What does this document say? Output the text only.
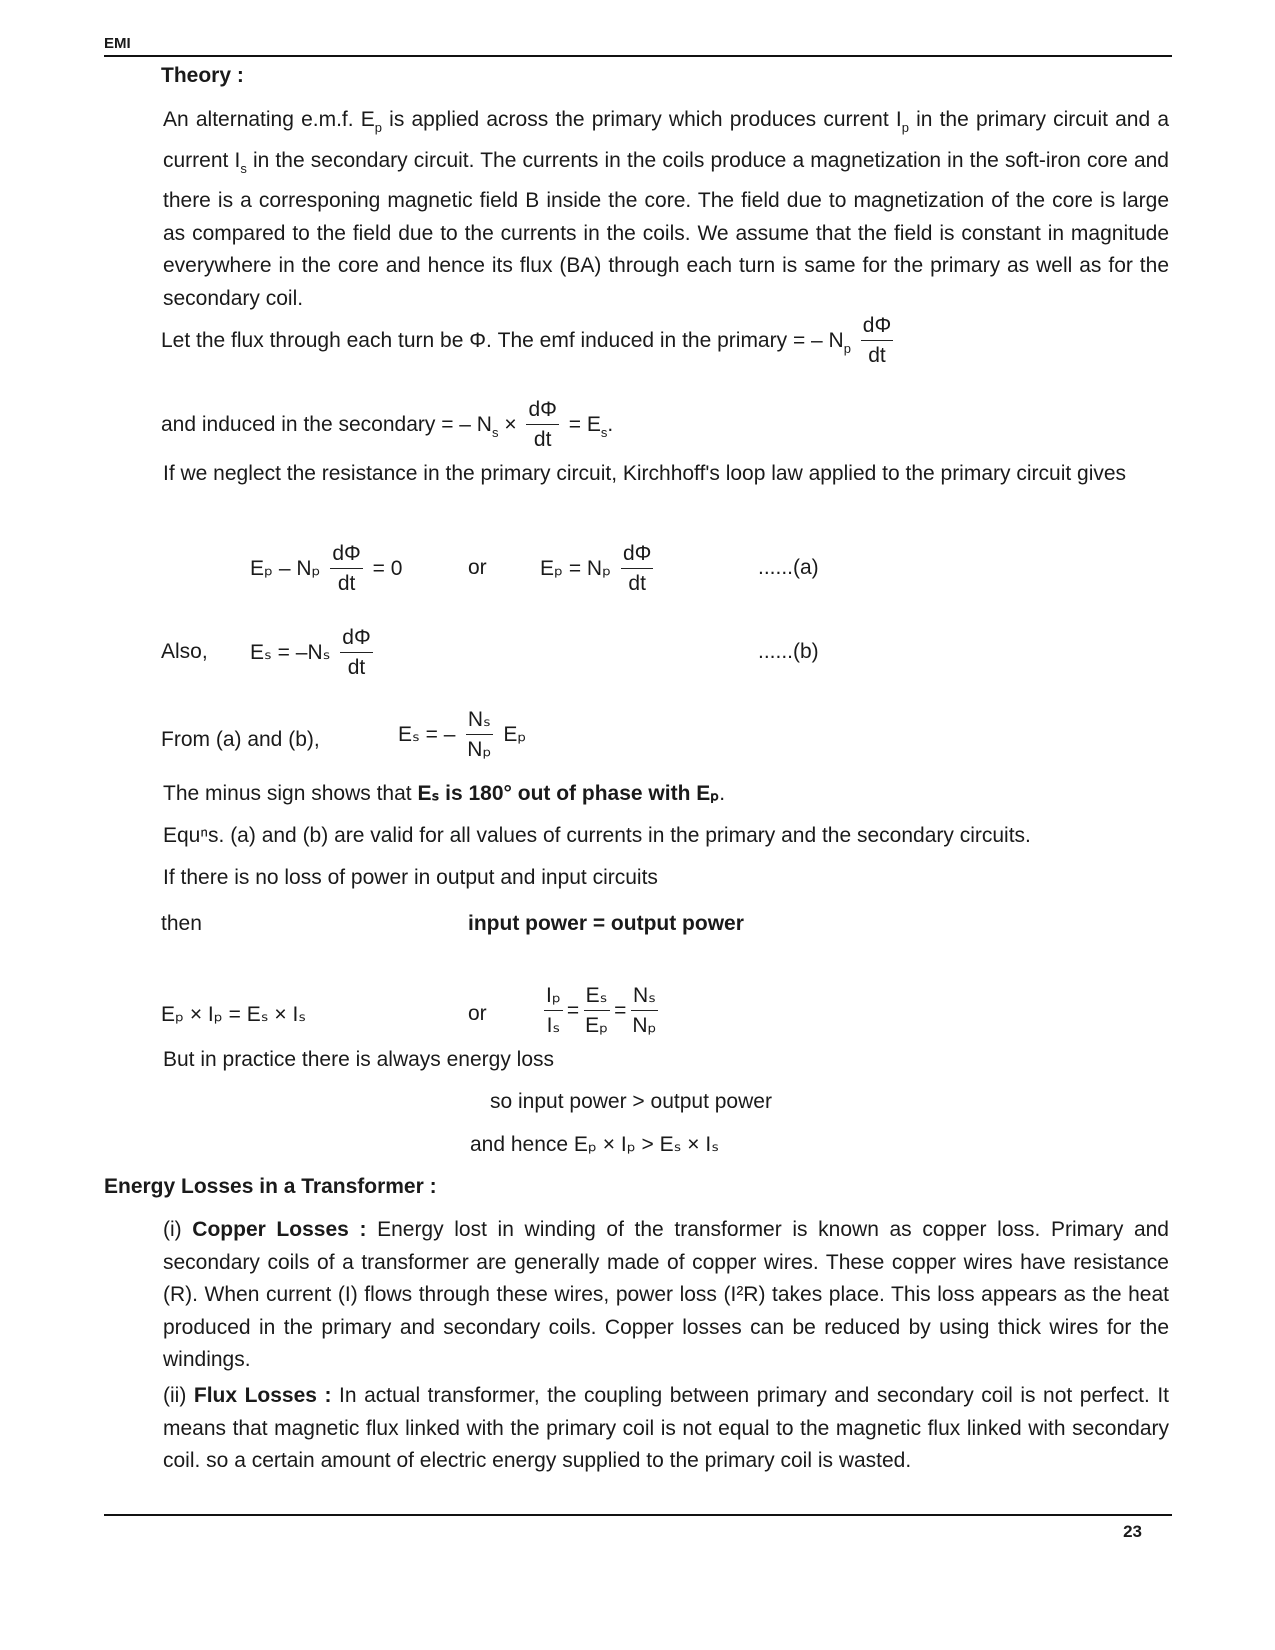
EMI
Theory :
An alternating e.m.f. $E_p$ is applied across the primary which produces current $I_p$ in the primary circuit and a current $I_s$ in the secondary circuit. The currents in the coils produce a magnetization in the soft-iron core and there is a corresponing magnetic field B inside the core. The field due to magnetization of the core is large as compared to the field due to the currents in the coils. We assume that the field is constant in magnitude everywhere in the core and hence its flux (BA) through each turn is same for the primary as well as for the secondary coil.
Let the flux through each turn be Φ. The emf induced in the primary = – $N_p \frac{d\Phi}{dt}$
and induced in the secondary = – $N_s \times \frac{d\Phi}{dt} = E_s$.
If we neglect the resistance in the primary circuit, Kirchhoff's loop law applied to the primary circuit gives
Eₚ – Nₚ $\frac{d\Phi}{dt} = 0$	or	Eₚ = Nₚ $\frac{d\Phi}{dt}$	......(a)
Also, $E_s = -N_s \frac{d\Phi}{dt}$	......(b)
From (a) and (b),	Eₛ = – $\frac{\text{Nₛ}}{\text{Nₚ}}$ Eₚ
The minus sign shows that Eₛ is 180° out of phase with Eₚ.
Equⁿs. (a) and (b) are valid for all values of currents in the primary and the secondary circuits.
If there is no loss of power in output and input circuits
then	input power = output power
Eₚ × Iₚ = Eₛ × Iₛ	or	$\frac{\text{Iₚ}}{\text{Iₛ}} = \frac{\text{Eₛ}}{\text{Eₚ}} = \frac{\text{Nₛ}}{\text{Nₚ}}$
But in practice there is always energy loss
so input power > output power
and hence Eₚ × Iₚ > Eₛ × Iₛ
Energy Losses in a Transformer :
(i) Copper Losses : Energy lost in winding of the transformer is known as copper loss. Primary and secondary coils of a transformer are generally made of copper wires. These copper wires have resistance (R). When current (I) flows through these wires, power loss (I²R) takes place. This loss appears as the heat produced in the primary and secondary coils. Copper losses can be reduced by using thick wires for the windings.
(ii) Flux Losses : In actual transformer, the coupling between primary and secondary coil is not perfect. It means that magnetic flux linked with the primary coil is not equal to the magnetic flux linked with secondary coil. so a certain amount of electric energy supplied to the primary coil is wasted.
23
